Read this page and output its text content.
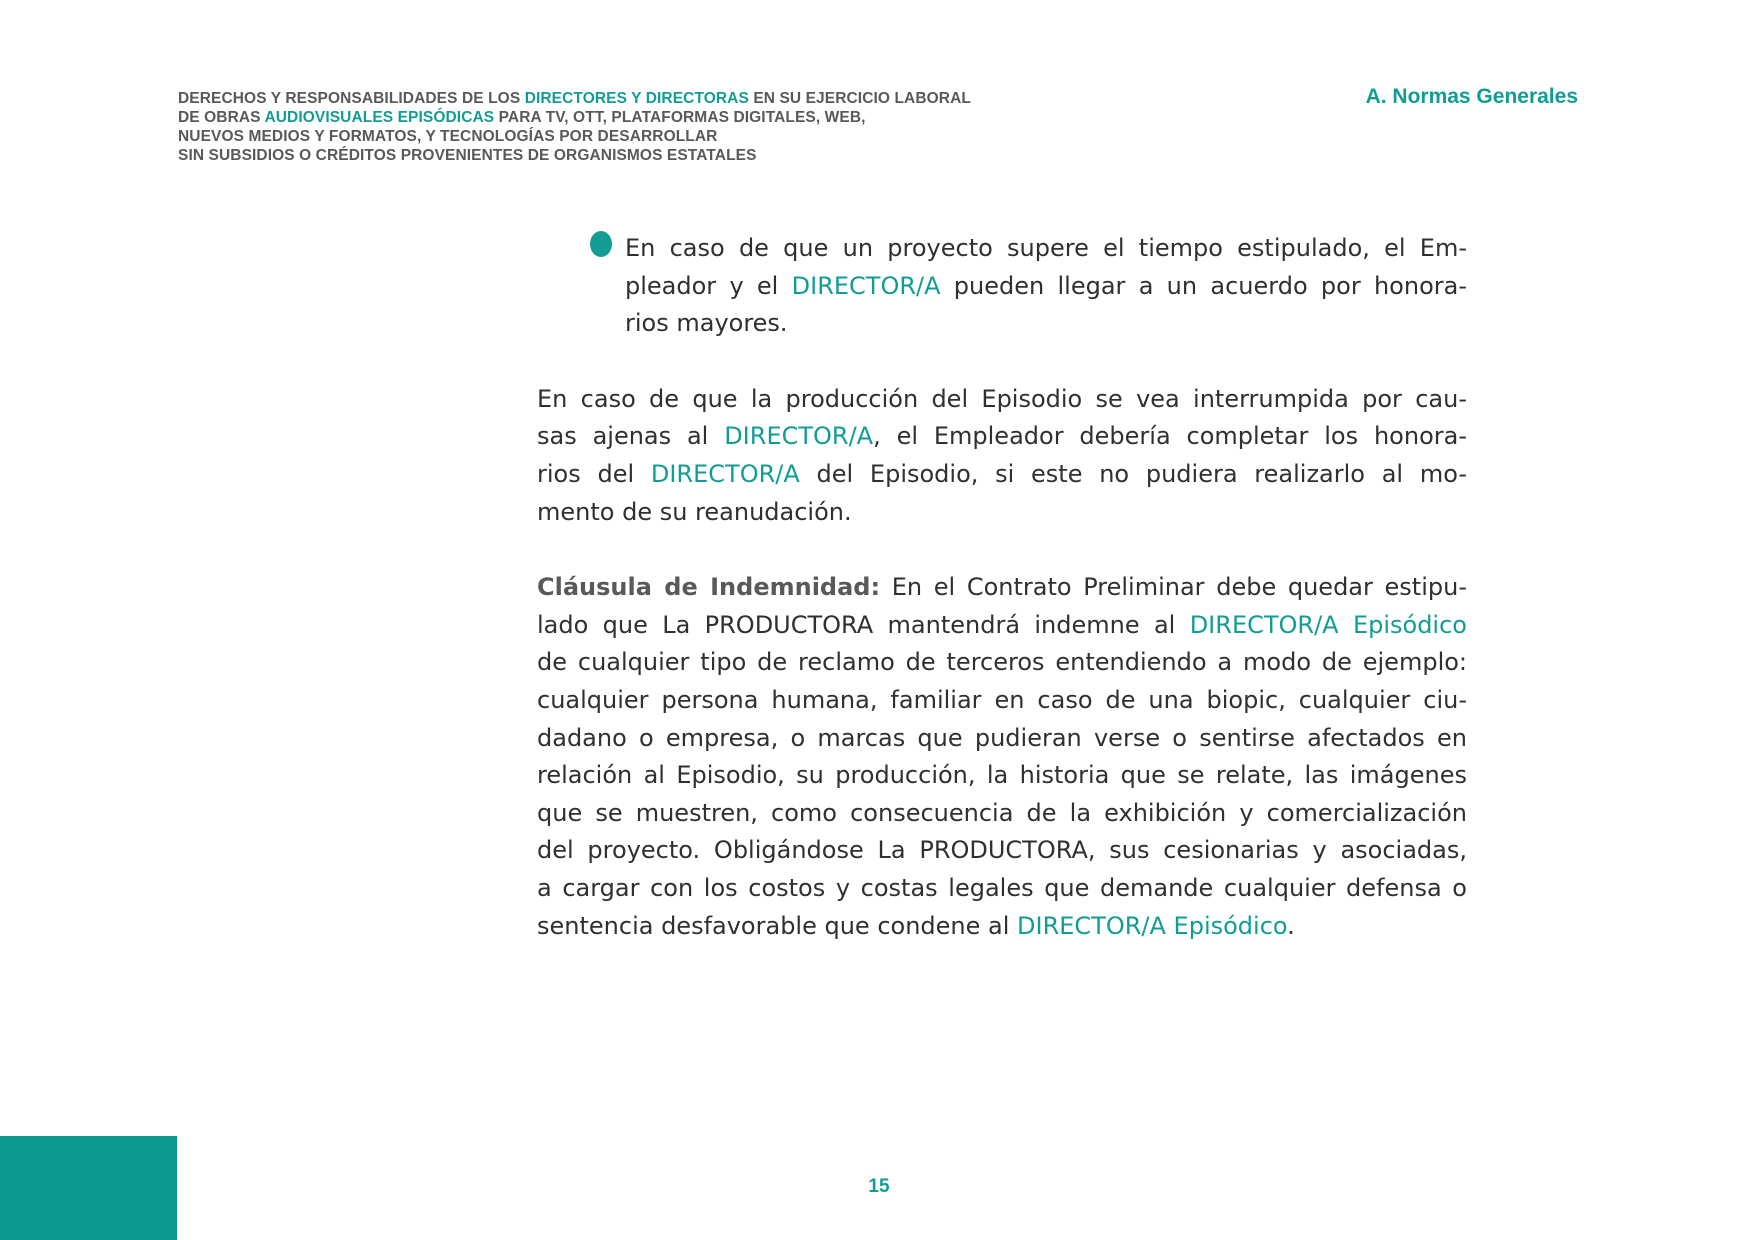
DERECHOS Y RESPONSABILIDADES DE LOS DIRECTORES Y DIRECTORAS EN SU EJERCICIO LABORAL
DE OBRAS AUDIOVISUALES EPISÓDICAS PARA TV, OTT, PLATAFORMAS DIGITALES, WEB,
NUEVOS MEDIOS Y FORMATOS, Y TECNOLOGÍAS POR DESARROLLAR
SIN SUBSIDIOS O CRÉDITOS PROVENIENTES DE ORGANISMOS ESTATALES
A. Normas Generales
En caso de que un proyecto supere el tiempo estipulado, el Em-
pleador y el DIRECTOR/A pueden llegar a un acuerdo por honora-
rios mayores.
En caso de que la producción del Episodio se vea interrumpida por cau-
sas ajenas al DIRECTOR/A, el Empleador debería completar los honora-
rios del DIRECTOR/A del Episodio, si este no pudiera realizarlo al mo-
mento de su reanudación.
Cláusula de Indemnidad: En el Contrato Preliminar debe quedar estipu-
lado que La PRODUCTORA mantendrá indemne al DIRECTOR/A Episódico
de cualquier tipo de reclamo de terceros entendiendo a modo de ejemplo:
cualquier persona humana, familiar en caso de una biopic, cualquier ciu-
dadano o empresa, o marcas que pudieran verse o sentirse afectados en
relación al Episodio, su producción, la historia que se relate, las imágenes
que se muestren, como consecuencia de la exhibición y comercialización
del proyecto. Obligándose La PRODUCTORA, sus cesionarias y asociadas,
a cargar con los costos y costas legales que demande cualquier defensa o
sentencia desfavorable que condene al DIRECTOR/A Episódico.
15
